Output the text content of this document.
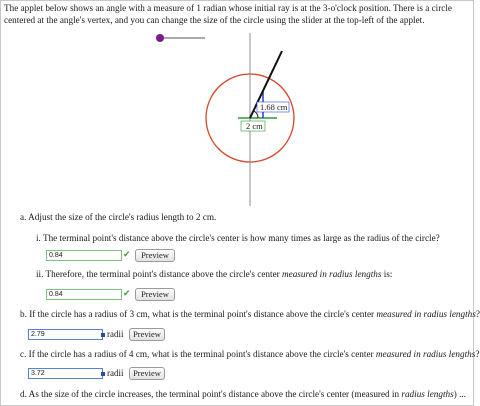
The applet below shows an angle with a measure of 1 radian whose initial ray is at the 3-o'clock position. There is a circle centered at the angle's vertex, and you can change the size of the circle using the slider at the top-left of the applet.
1.68 cm
2 cm
a. Adjust the size of the circle's radius length to 2 cm.
i. The terminal point's distance above the circle's center is how many times as large as the radius of the circle?
0.84	✔	Preview
ii. Therefore, the terminal point's distance above the circle's center measured in radius lengths is:
0.84	✔	Preview
b. If the circle has a radius of 3 cm, what is the terminal point's distance above the circle's center measured in radius lengths?
2.79	radii	Preview
c. If the circle has a radius of 4 cm, what is the terminal point's distance above the circle's center measured in radius lengths?
3.72	radii	Preview
d. As the size of the circle increases, the terminal point's distance above the circle's center (measured in radius lengths) ...
